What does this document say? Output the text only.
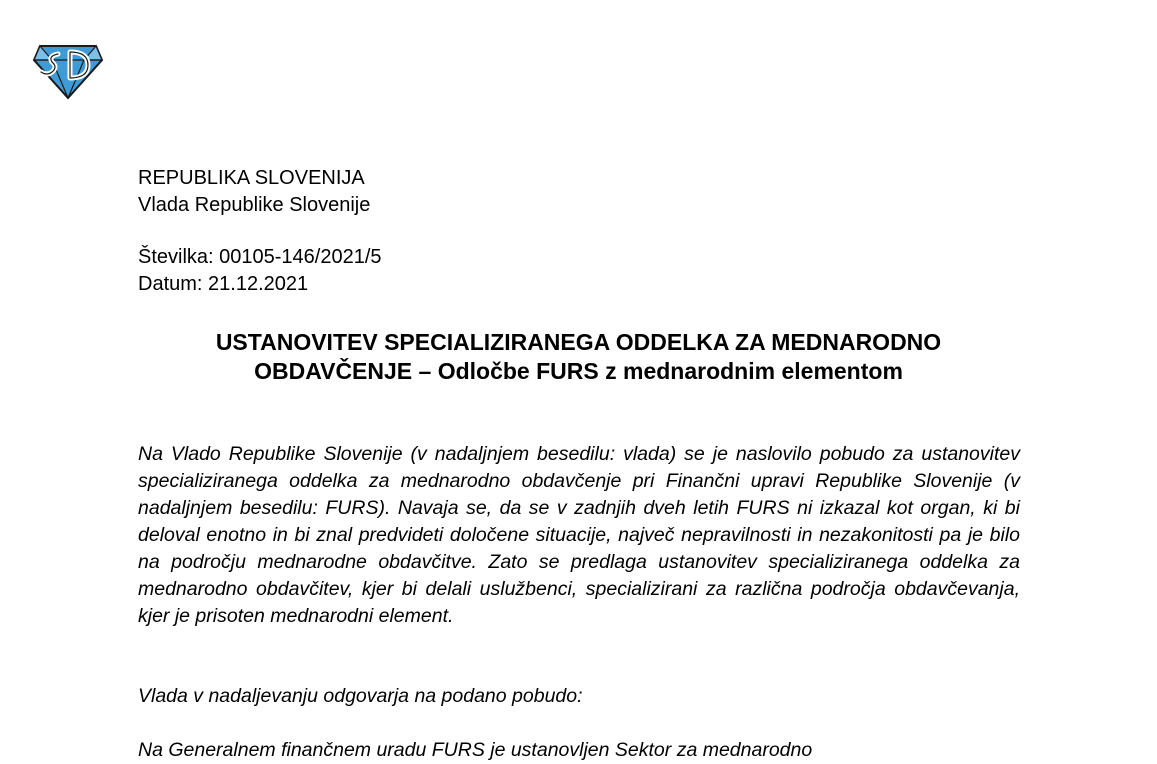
REPUBLIKA SLOVENIJA
Vlada Republike Slovenije
Številka: 00105-146/2021/5
Datum: 21.12.2021
USTANOVITEV SPECIALIZIRANEGA ODDELKA ZA MEDNARODNO
OBDAVČENJE – Odločbe FURS z mednarodnim elementom
Na Vlado Republike Slovenije (v nadaljnjem besedilu: vlada) se je naslovilo pobudo za ustanovitev specializiranega oddelka za mednarodno obdavčenje pri Finančni upravi Republike Slovenije (v nadaljnjem besedilu: FURS). Navaja se, da se v zadnjih dveh letih FURS ni izkazal kot organ, ki bi deloval enotno in bi znal predvideti določene situacije, največ nepravilnosti in nezakonitosti pa je bilo na področju mednarodne obdavčitve. Zato se predlaga ustanovitev specializiranega oddelka za mednarodno obdavčitev, kjer bi delali uslužbenci, specializirani za različna področja obdavčevanja, kjer je prisoten mednarodni element.
Vlada v nadaljevanju odgovarja na podano pobudo:
Na Generalnem finančnem uradu FURS je ustanovljen Sektor za mednarodno
